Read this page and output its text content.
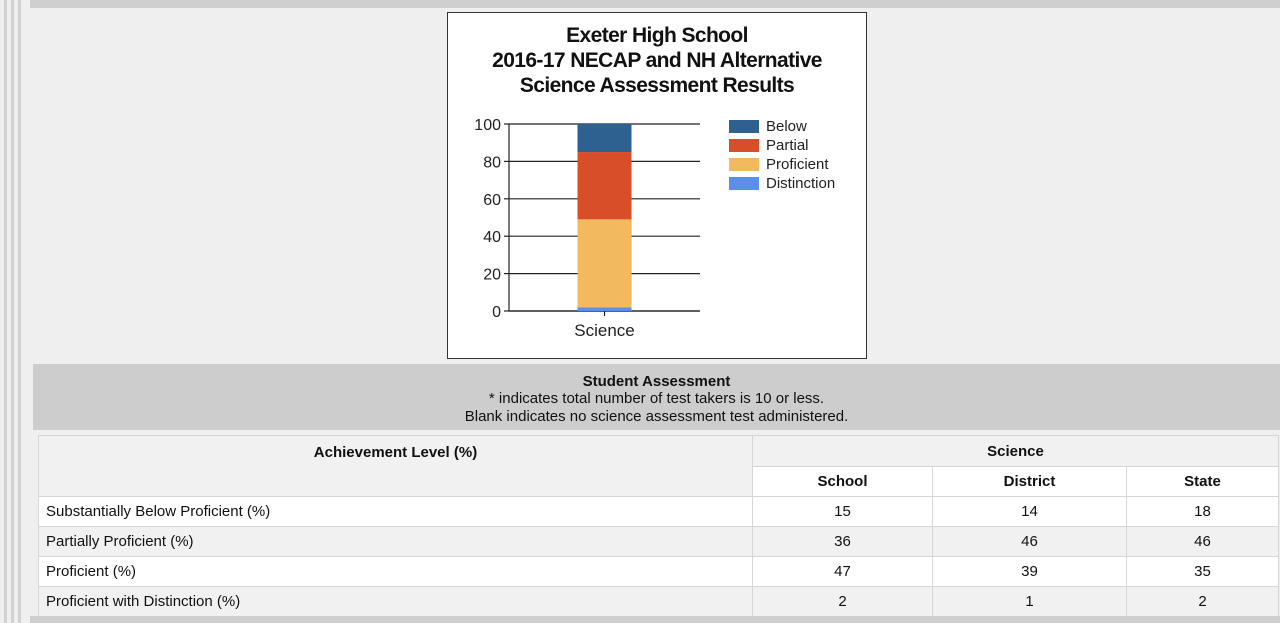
Exeter High School
2016-17 NECAP and NH Alternative
Science Assessment Results
0
20
40
60
80
100
Science
Below
Partial
Proficient
Distinction
Student Assessment
* indicates total number of test takers is 10 or less.
Blank indicates no science assessment test administered.
Achievement Level (%)	Science		
	School	District	State
Substantially Below Proficient (%)	15	14	18
Partially Proficient (%)	36	46	46
Proficient (%)	47	39	35
Proficient with Distinction (%)	2	1	2
